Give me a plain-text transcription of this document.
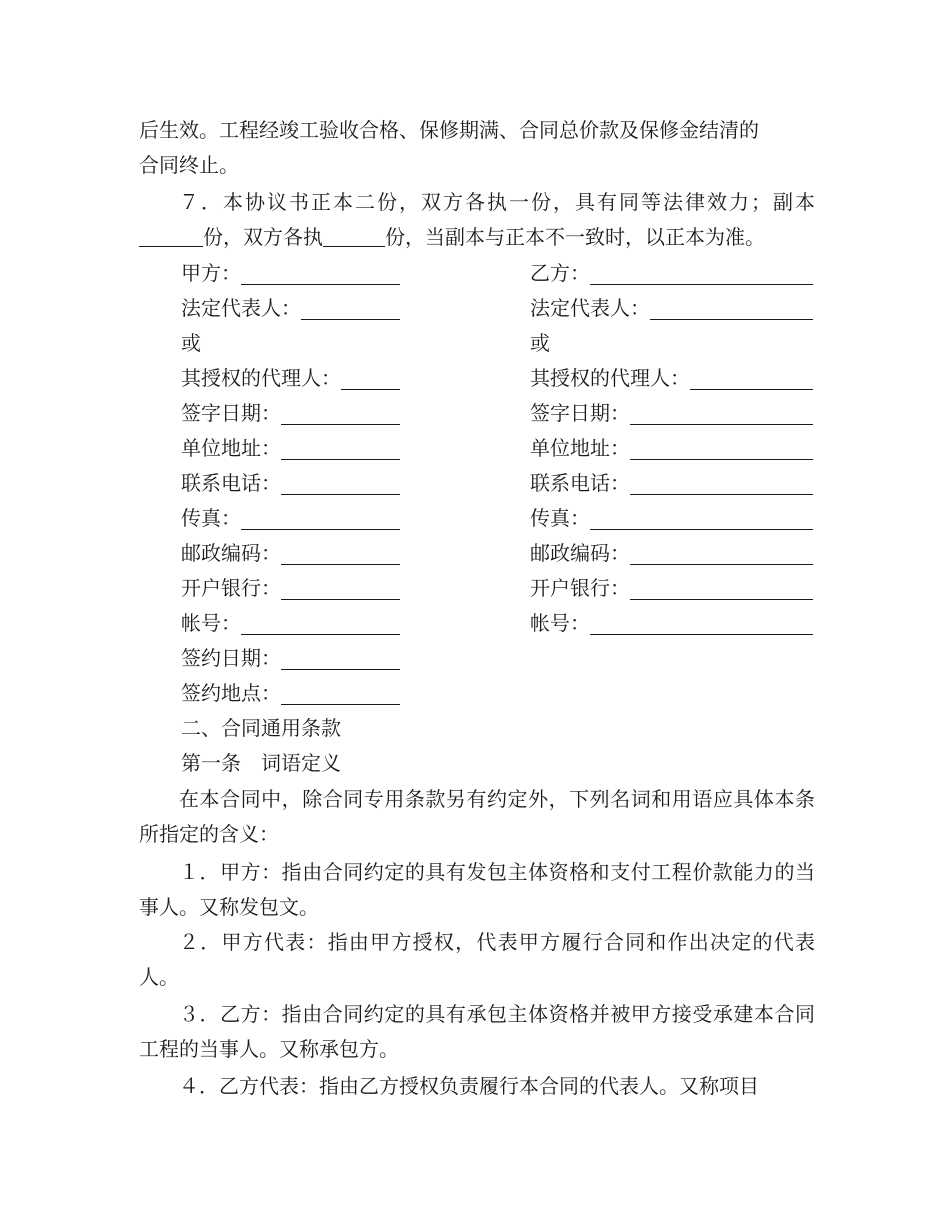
后生效。工程经竣工验收合格、保修期满、合同总价款及保修金结清的
合同终止。

７．本协议书正本二份，双方各执一份，具有同等法律效力；副本份，双方各执	份，当副本与正本不一致时，以正本为准。

甲方：
法定代表人：
或
其授权的代理人：
签字日期：
单位地址：
联系电话：
传真：
邮政编码：
开户银行：
帐号：
签约日期：
签约地点：
乙方：
法定代表人：
或
其授权的代理人：
签字日期：
单位地址：
联系电话：
传真：
邮政编码：
开户银行：
帐号：
二、合同通用条款
第一条　词语定义

在本合同中，除合同专用条款另有约定外，下列名词和用语应具体本条所指定的含义：

１．甲方：指由合同约定的具有发包主体资格和支付工程价款能力的当事人。又称发包文。

２．甲方代表：指由甲方授权，代表甲方履行合同和作出决定的代表人。

３．乙方：指由合同约定的具有承包主体资格并被甲方接受承建本合同工程的当事人。又称承包方。

４．乙方代表：指由乙方授权负责履行本合同的代表人。又称项目
